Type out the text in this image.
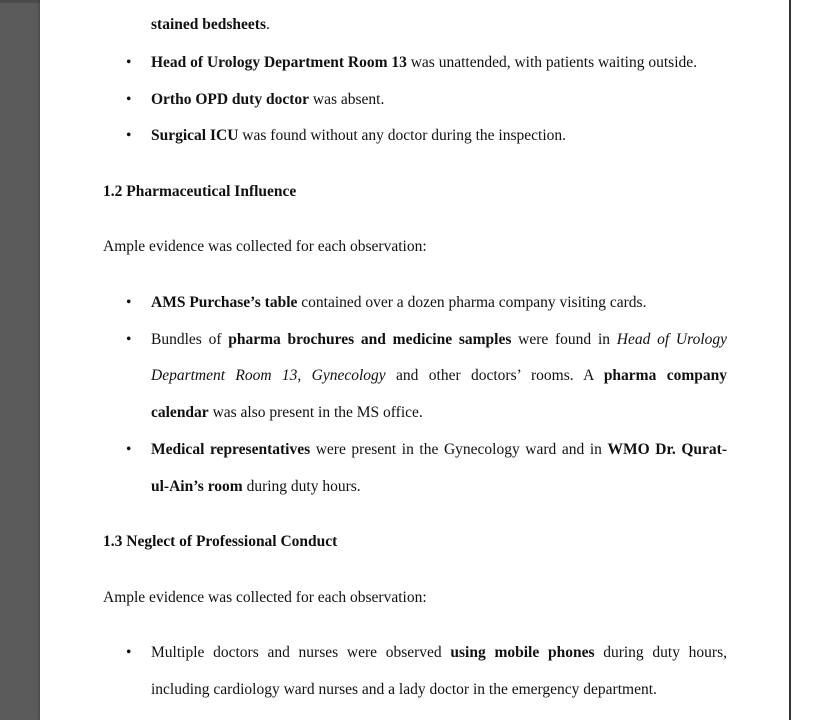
stained bedsheets.
• Head of Urology Department Room 13 was unattended, with patients waiting outside.
• Ortho OPD duty doctor was absent.
• Surgical ICU was found without any doctor during the inspection.
1.2 Pharmaceutical Influence
Ample evidence was collected for each observation:
• AMS Purchase’s table contained over a dozen pharma company visiting cards.
• Bundles of pharma brochures and medicine samples were found in Head of Urology
Department Room 13, Gynecology and other doctors’ rooms. A pharma company
calendar was also present in the MS office.
• Medical representatives were present in the Gynecology ward and in WMO Dr. Qurat-
ul-Ain’s room during duty hours.
1.3 Neglect of Professional Conduct
Ample evidence was collected for each observation:
• Multiple doctors and nurses were observed using mobile phones during duty hours,
including cardiology ward nurses and a lady doctor in the emergency department.
